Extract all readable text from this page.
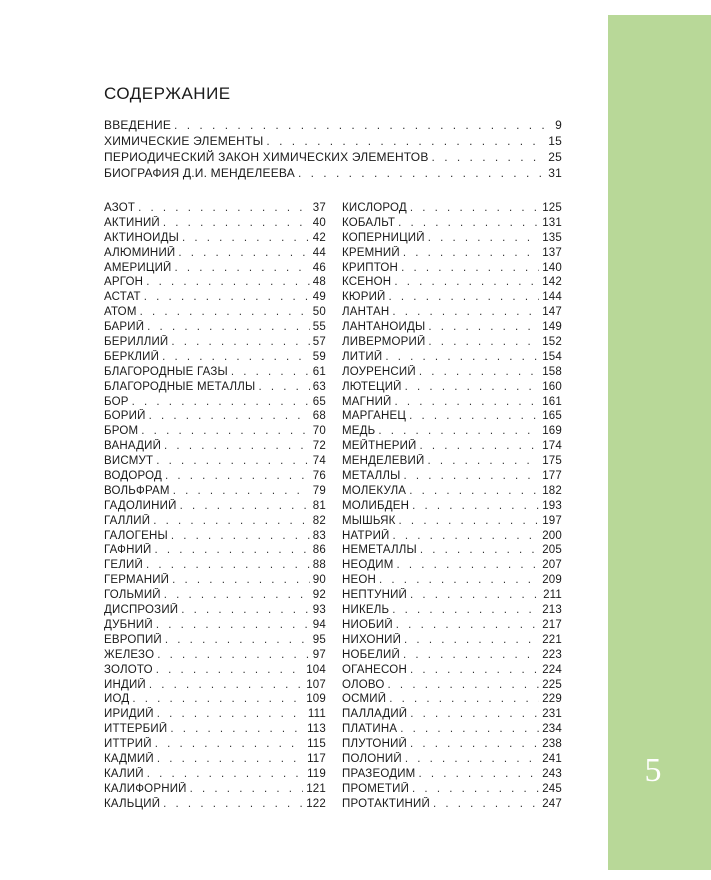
5
СОДЕРЖАНИЕ
ВВЕДЕНИЕ . . .	9
ХИМИЧЕСКИЕ ЭЛЕМЕНТЫ . . .	15
ПЕРИОДИЧЕСКИЙ ЗАКОН ХИМИЧЕСКИХ ЭЛЕМЕНТОВ . . .	25
БИОГРАФИЯ Д.И. МЕНДЕЛЕЕВА . . .	31
АЗОТ . . .	37
АКТИНИЙ . . .	40
АКТИНОИДЫ . . .	42
АЛЮМИНИЙ . . .	44
АМЕРИЦИЙ . . .	46
АРГОН . . .	48
АСТАТ . . .	49
АТОМ . . .	50
БАРИЙ . . .	55
БЕРИЛЛИЙ . . .	57
БЕРКЛИЙ . . .	59
БЛАГОРОДНЫЕ ГАЗЫ . . .	61
БЛАГОРОДНЫЕ МЕТАЛЛЫ . . .	63
БОР . . .	65
БОРИЙ . . .	68
БРОМ . . .	70
ВАНАДИЙ . . .	72
ВИСМУТ . . .	74
ВОДОРОД . . .	76
ВОЛЬФРАМ . . .	79
ГАДОЛИНИЙ . . .	81
ГАЛЛИЙ . . .	82
ГАЛОГЕНЫ . . .	83
ГАФНИЙ . . .	86
ГЕЛИЙ . . .	88
ГЕРМАНИЙ . . .	90
ГОЛЬМИЙ . . .	92
ДИСПРОЗИЙ . . .	93
ДУБНИЙ . . .	94
ЕВРОПИЙ . . .	95
ЖЕЛЕЗО . . .	97
ЗОЛОТО . . .	104
ИНДИЙ . . .	107
ИОД . . .	109
ИРИДИЙ . . .	111
ИТТЕРБИЙ . . .	113
ИТТРИЙ . . .	115
КАДМИЙ . . .	117
КАЛИЙ . . .	119
КАЛИФОРНИЙ . . .	121
КАЛЬЦИЙ . . .	122
КИСЛОРОД . . .	125
КОБАЛЬТ . . .	131
КОПЕРНИЦИЙ . . .	135
КРЕМНИЙ . . .	137
КРИПТОН . . .	140
КСЕНОН . . .	142
КЮРИЙ . . .	144
ЛАНТАН . . .	147
ЛАНТАНОИДЫ . . .	149
ЛИВЕРМОРИЙ . . .	152
ЛИТИЙ . . .	154
ЛОУРЕНСИЙ . . .	158
ЛЮТЕЦИЙ . . .	160
МАГНИЙ . . .	161
МАРГАНЕЦ . . .	165
МЕДЬ . . .	169
МЕЙТНЕРИЙ . . .	174
МЕНДЕЛЕВИЙ . . .	175
МЕТАЛЛЫ . . .	177
МОЛЕКУЛА . . .	182
МОЛИБДЕН . . .	193
МЫШЬЯК . . .	197
НАТРИЙ . . .	200
НЕМЕТАЛЛЫ . . .	205
НЕОДИМ . . .	207
НЕОН . . .	209
НЕПТУНИЙ . . .	211
НИКЕЛЬ . . .	213
НИОБИЙ . . .	217
НИХОНИЙ . . .	221
НОБЕЛИЙ . . .	223
ОГАНЕСОН . . .	224
ОЛОВО . . .	225
ОСМИЙ . . .	229
ПАЛЛАДИЙ . . .	231
ПЛАТИНА . . .	234
ПЛУТОНИЙ . . .	238
ПОЛОНИЙ . . .	241
ПРАЗЕОДИМ . . .	243
ПРОМЕТИЙ . . .	245
ПРОТАКТИНИЙ . . .	247
